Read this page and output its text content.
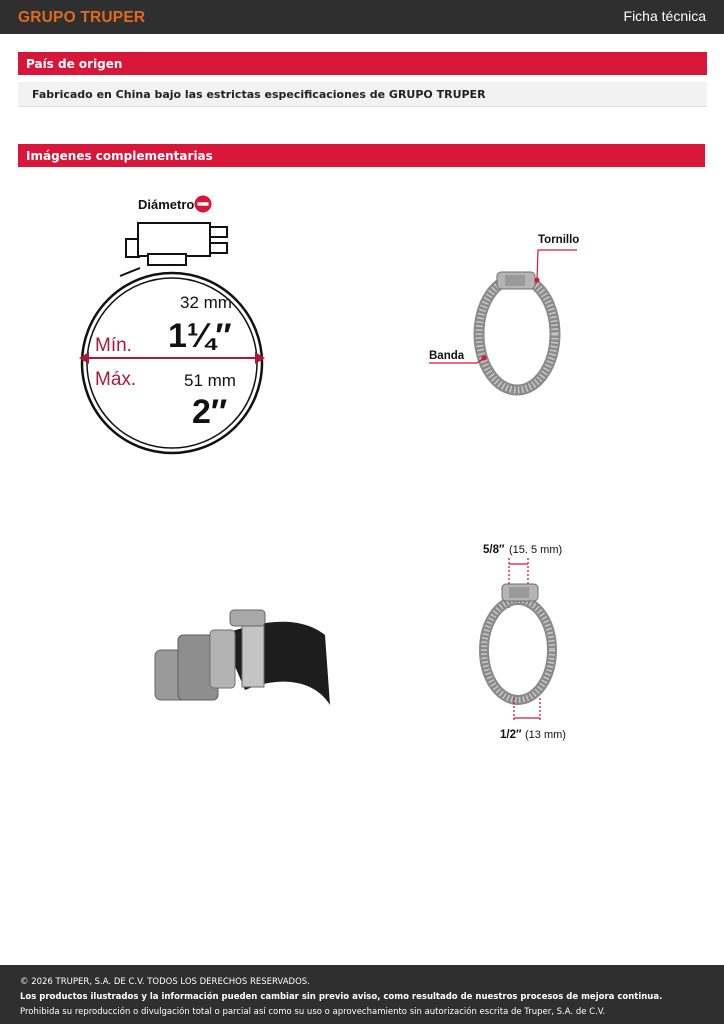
GRUPO TRUPER	Ficha técnica
País de origen
Fabricado en China bajo las estrictas especificaciones de GRUPO TRUPER
Imágenes complementarias
Diámetro
Mín.
Máx.
32 mm
1¼″
51 mm
2″
Tornillo
Banda
5/8″ (15. 5 mm)
1/2″ (13 mm)
© 2026 TRUPER, S.A. DE C.V. TODOS LOS DERECHOS RESERVADOS.
Los productos ilustrados y la información pueden cambiar sin previo aviso, como resultado de nuestros procesos de mejora continua.
Prohibida su reproducción o divulgación total o parcial así como su uso o aprovechamiento sin autorización escrita de Truper, S.A. de C.V.
